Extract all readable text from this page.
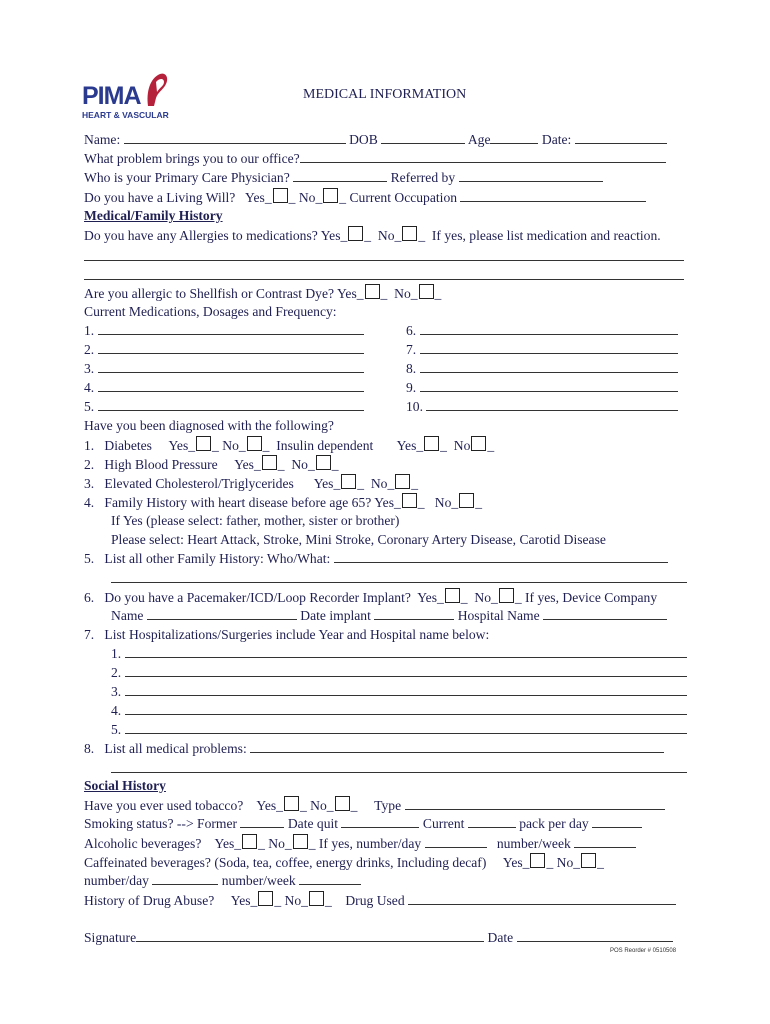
PIMA
HEART & VASCULAR
MEDICAL INFORMATION
Name:	DOB	Age	Date:
What problem brings you to our office?
Who is your Primary Care Physician?	Referred by
Do you have a Living Will? Yes_ _ No_ _ Current Occupation
Medical/Family History
Do you have any Allergies to medications? Yes_ _  No_ _  If yes, please list medication and reaction.
Are you allergic to Shellfish or Contrast Dye? Yes_ _  No_ _
Current Medications, Dosages and Frequency:
1.
2.
3.
4.
5.
6.
7.
8.
9.
10.
Have you been diagnosed with the following?
1. Diabetes Yes_ _ No_ _  Insulin dependent Yes_ _  No _
2. High Blood Pressure Yes_ _  No_ _
3. Elevated Cholesterol/Triglycerides Yes_ _  No_ _
4. Family History with heart disease before age 65? Yes_ _   No_ _
If Yes (please select: father, mother, sister or brother)
Please select: Heart Attack, Stroke, Mini Stroke, Coronary Artery Disease, Carotid Disease
5. List all other Family History: Who/What:
6. Do you have a Pacemaker/ICD/Loop Recorder Implant? Yes_ _  No_ _ If yes, Device Company
Name	Date implant	Hospital Name
7. List Hospitalizations/Surgeries include Year and Hospital name below:
1.
2.
3.
4.
5.
8. List all medical problems:
Social History
Have you ever used tobacco? Yes_ _ No_ _     Type
Smoking status? --> Former	Date quit	Current	pack per day
Alcoholic beverages? Yes_ _ No_ _ If yes, number/day	number/week
Caffeinated beverages? (Soda, tea, coffee, energy drinks, Including decaf) Yes_ _ No_ _
number/day	number/week
History of Drug Abuse? Yes_ _ No_ _    Drug Used
Signature	Date
POS Reorder # 0510508
